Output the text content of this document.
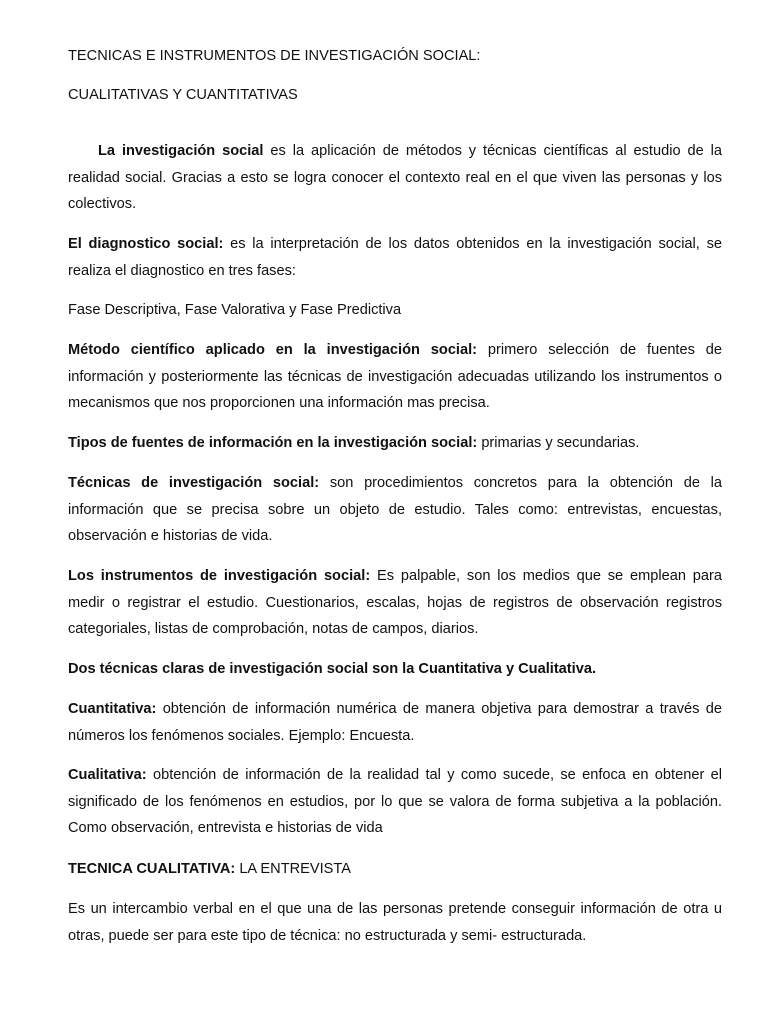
TECNICAS E INSTRUMENTOS DE INVESTIGACIÓN SOCIAL:
CUALITATIVAS Y CUANTITATIVAS

La investigación social es la aplicación de métodos y técnicas científicas al estudio de la realidad social. Gracias a esto se logra conocer el contexto real en el que viven las personas y los colectivos.

El diagnostico social: es la interpretación de los datos obtenidos en la investigación social, se realiza el diagnostico en tres fases:

Fase Descriptiva, Fase Valorativa y Fase Predictiva

Método científico aplicado en la investigación social: primero selección de fuentes de información y posteriormente las técnicas de investigación adecuadas utilizando los instrumentos o mecanismos que nos proporcionen una información mas precisa.

Tipos de fuentes de información en la investigación social: primarias y secundarias.

Técnicas de investigación social: son procedimientos concretos para la obtención de la información que se precisa sobre un objeto de estudio. Tales como: entrevistas, encuestas, observación e historias de vida.

Los instrumentos de investigación social: Es palpable, son los medios que se emplean para medir o registrar el estudio. Cuestionarios, escalas, hojas de registros de observación registros categoriales, listas de comprobación, notas de campos, diarios.

Dos técnicas claras de investigación social son la Cuantitativa y Cualitativa.

Cuantitativa: obtención de información numérica de manera objetiva para demostrar a través de números los fenómenos sociales. Ejemplo: Encuesta.

Cualitativa: obtención de información de la realidad tal y como sucede, se enfoca en obtener el significado de los fenómenos en estudios, por lo que se valora de forma subjetiva a la población. Como observación, entrevista e historias de vida

TECNICA CUALITATIVA: LA ENTREVISTA

Es un intercambio verbal en el que una de las personas pretende conseguir información de otra u otras, puede ser para este tipo de técnica: no estructurada y semi- estructurada.
